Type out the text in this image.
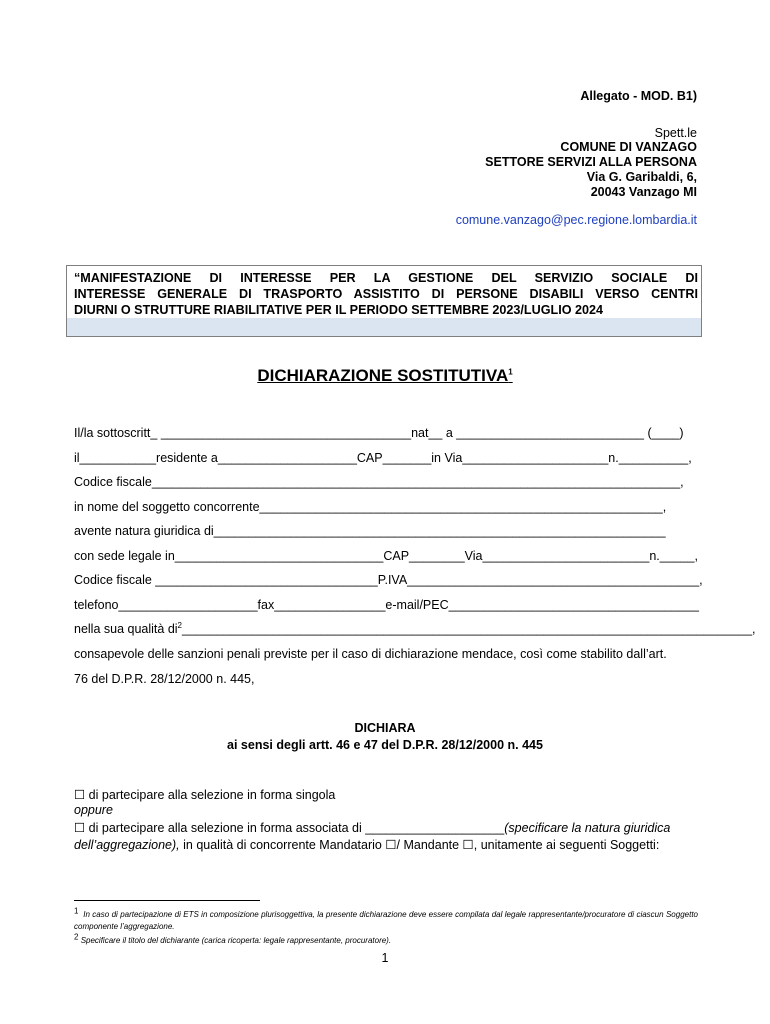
Allegato - MOD. B1)
Spett.le
COMUNE DI VANZAGO
SETTORE SERVIZI ALLA PERSONA
Via G. Garibaldi, 6,
20043 Vanzago MI
comune.vanzago@pec.regione.lombardia.it
“MANIFESTAZIONE DI INTERESSE PER LA GESTIONE DEL SERVIZIO SOCIALE DI
INTERESSE GENERALE DI TRASPORTO ASSISTITO DI PERSONE DISABILI VERSO CENTRI
DIURNI O STRUTTURE RIABILITATIVE PER IL PERIODO SETTEMBRE 2023/LUGLIO 2024
DICHIARAZIONE SOSTITUTIVA$^1$
Il/la sottoscritt_ ____________________________________nat__ a ___________________________ (____)
il___________residente a____________________CAP_______in Via_____________________n.__________,
Codice fiscale____________________________________________________________________________,
in nome del soggetto concorrente__________________________________________________________,
avente natura giuridica di_________________________________________________________________
con sede legale in______________________________CAP________Via________________________n._____,
Codice fiscale ________________________________P.IVA__________________________________________,
telefono____________________fax________________e-mail/PEC____________________________________
nella sua qualità $di^2\_\_\_\_\_\_\_\_\_\_\_\_\_\_\_\_\_\_\_\_\_\_\_\_\_\_\_\_\_\_\_\_\_\_\_\_\_\_\_\_\_\_\_\_\_\_\_\_\_\_\_\_\_\_\_\_\_\_\_\_\_\_\_\_\_\_\_\_\_\_\_\_\_\_\_\_\_\_\_\_\_\_$,
consapevole delle sanzioni penali previste per il caso di dichiarazione mendace, così come stabilito dall’art.
76 del D.P.R. 28/12/2000 n. 445,
DICHIARA
ai sensi degli artt. 46 e 47 del D.P.R. 28/12/2000 n. 445
☐ di partecipare alla selezione in forma singola
oppure
☐ di partecipare alla selezione in forma associata di ____________________(specificare la natura giuridica
dell’aggregazione), in qualità di concorrente Mandatario ☐/ Mandante ☐, unitamente ai seguenti Soggetti:
$^1$ In caso di partecipazione di ETS in composizione plurisoggettiva, la presente dichiarazione deve essere compilata dal legale rappresentante/procuratore di ciascun Soggetto componente l’aggregazione.
$^2$ Specificare il titolo del dichiarante (carica ricoperta: legale rappresentante, procuratore).
1
